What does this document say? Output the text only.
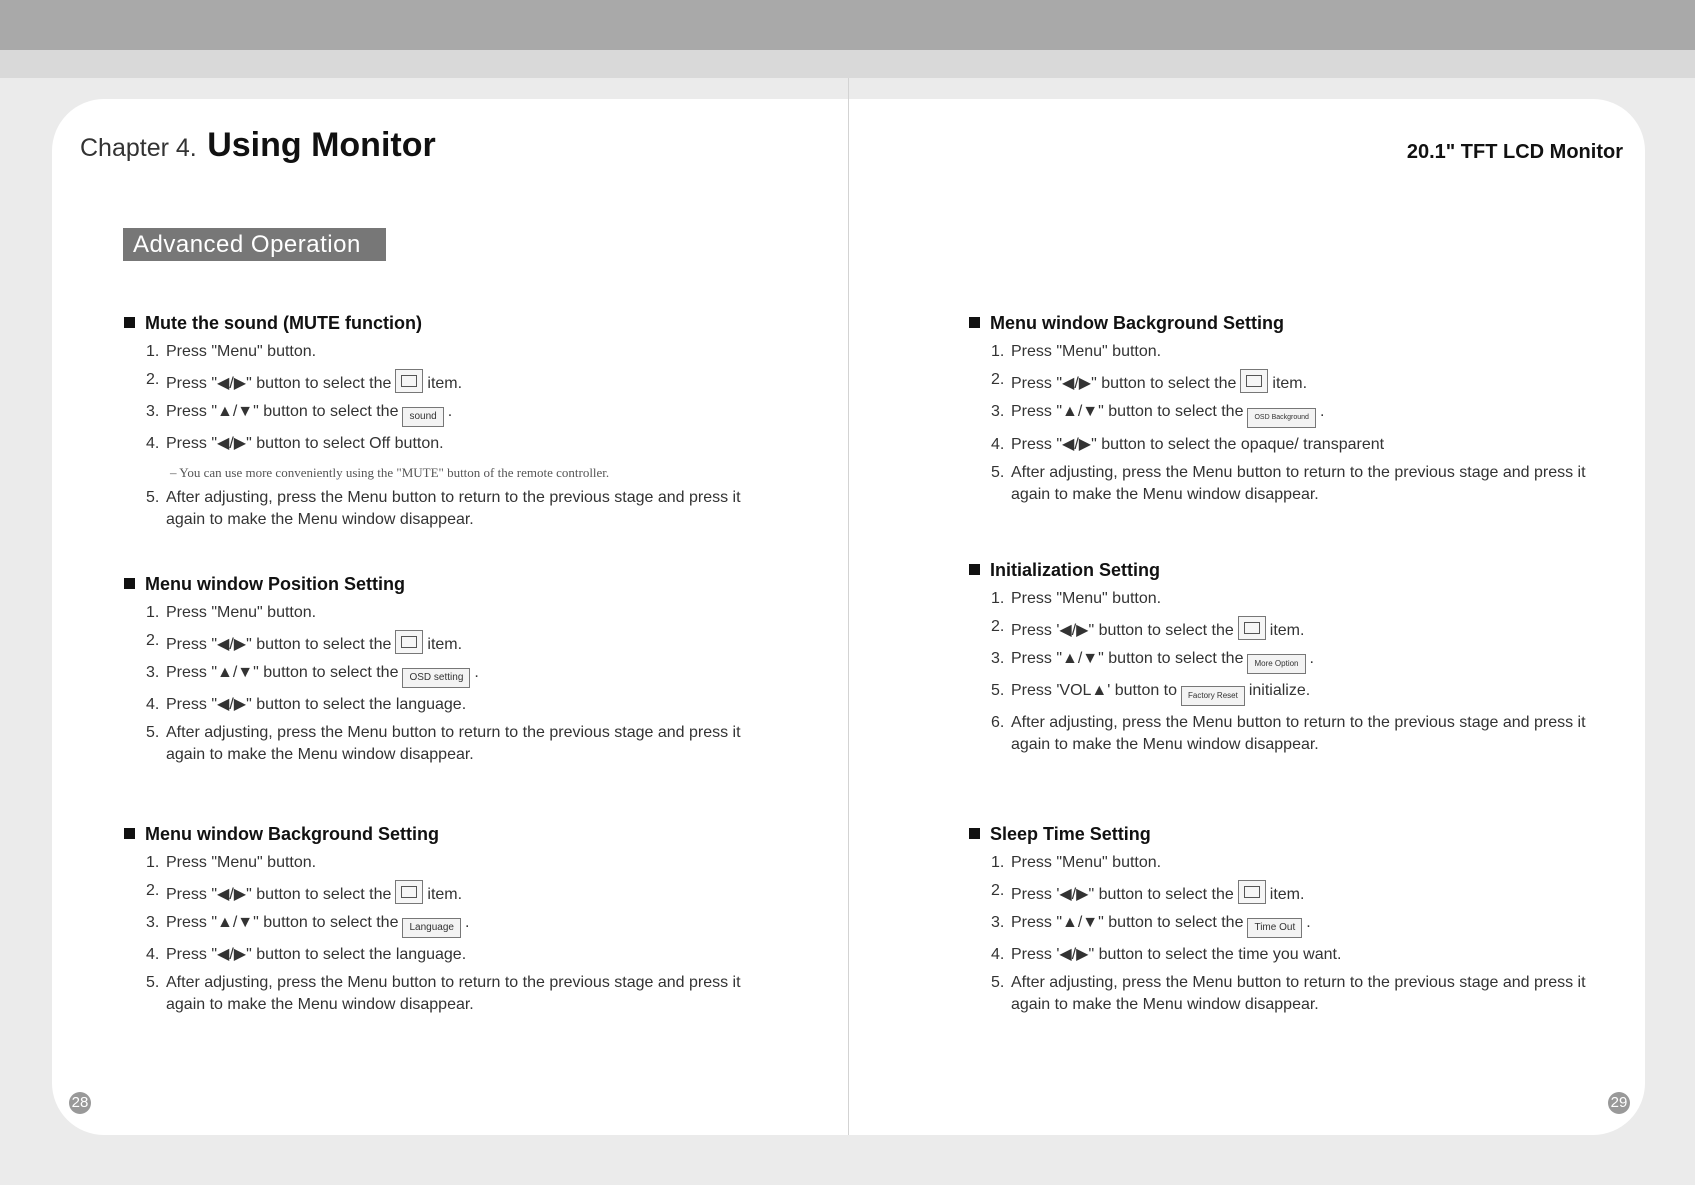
Chapter 4. Using Monitor	20.1" TFT LCD Monitor
Advanced Operation
Mute the sound (MUTE function)
1. Press "Menu" button.
2. Press "◀/▶" button to select the item.
3. Press "▲/▼" button to select the sound .
4. Press "◀/▶" button to select Off button.
– You can use more conveniently using the "MUTE" button of the remote controller.
5. After adjusting, press the Menu button to return to the previous stage and press it again to make the Menu window disappear.
Menu window Position Setting
1. Press "Menu" button.
2. Press "◀/▶" button to select the item.
3. Press "▲/▼" button to select the OSD setting .
4. Press "◀/▶" button to select the language.
5. After adjusting, press the Menu button to return to the previous stage and press it again to make the Menu window disappear.
Menu window Background Setting
1. Press "Menu" button.
2. Press "◀/▶" button to select the item.
3. Press "▲/▼" button to select the Language .
4. Press "◀/▶" button to select the language.
5. After adjusting, press the Menu button to return to the previous stage and press it again to make the Menu window disappear.
Menu window Background Setting
1. Press "Menu" button.
2. Press "◀/▶" button to select the item.
3. Press "▲/▼" button to select the OSD Background .
4. Press "◀/▶" button to select the opaque/ transparent
5. After adjusting, press the Menu button to return to the previous stage and press it again to make the Menu window disappear.
Initialization Setting
1. Press "Menu" button.
2. Press '◀/▶" button to select the item.
3. Press "▲/▼" button to select the More Option .
5. Press 'VOL▲' button to Factory Reset initialize.
6. After adjusting, press the Menu button to return to the previous stage and press it again to make the Menu window disappear.
Sleep Time Setting
1. Press "Menu" button.
2. Press '◀/▶" button to select the item.
3. Press "▲/▼" button to select the Time Out .
4. Press '◀/▶" button to select the time you want.
5. After adjusting, press the Menu button to return to the previous stage and press it again to make the Menu window disappear.
28	29
